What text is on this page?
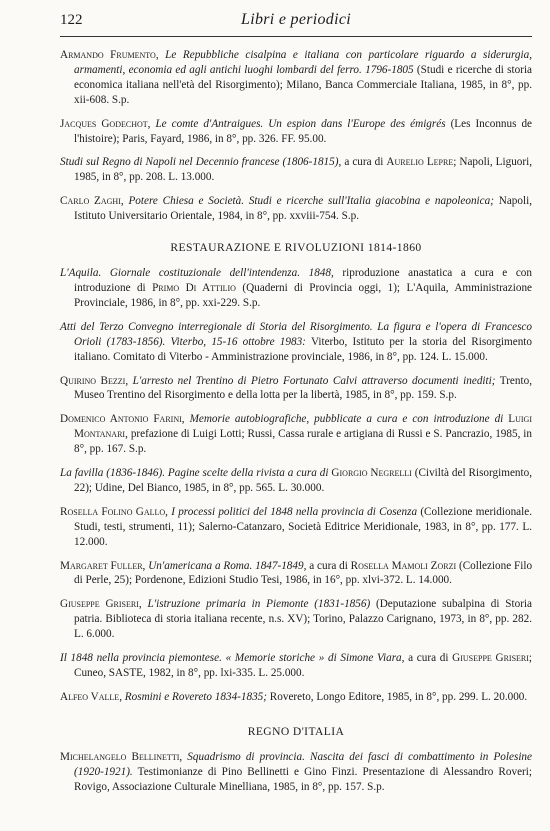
122	Libri e periodici

Armando Frumento, Le Repubbliche cisalpina e italiana con particolare riguardo a siderurgia, armamenti, economia ed agli antichi luoghi lombardi del ferro. 1796-1805 (Studi e ricerche di storia economica italiana nell'età del Risorgimento); Milano, Banca Commerciale Italiana, 1985, in 8°, pp. xii-608. S.p.

Jacques Godechot, Le comte d'Antraigues. Un espion dans l'Europe des émigrés (Les Inconnus de l'histoire); Paris, Fayard, 1986, in 8°, pp. 326. FF. 95.00.

Studi sul Regno di Napoli nel Decennio francese (1806-1815), a cura di Aurelio Lepre; Napoli, Liguori, 1985, in 8°, pp. 208. L. 13.000.

Carlo Zaghi, Potere Chiesa e Società. Studi e ricerche sull'Italia giacobina e napoleonica; Napoli, Istituto Universitario Orientale, 1984, in 8°, pp. xxviii-754. S.p.

RESTAURAZIONE E RIVOLUZIONI 1814-1860

L'Aquila. Giornale costituzionale dell'intendenza. 1848, riproduzione anastatica a cura e con introduzione di Primo Di Attilio (Quaderni di Provincia oggi, 1); L'Aquila, Amministrazione Provinciale, 1986, in 8°, pp. xxi-229. S.p.

Atti del Terzo Convegno interregionale di Storia del Risorgimento. La figura e l'opera di Francesco Orioli (1783-1856). Viterbo, 15-16 ottobre 1983: Viterbo, Istituto per la storia del Risorgimento italiano. Comitato di Viterbo - Amministrazione provinciale, 1986, in 8°, pp. 124. L. 15.000.

Quirino Bezzi, L'arresto nel Trentino di Pietro Fortunato Calvi attraverso documenti inediti; Trento, Museo Trentino del Risorgimento e della lotta per la libertà, 1985, in 8°, pp. 159. S.p.

Domenico Antonio Farini, Memorie autobiografiche, pubblicate a cura e con introduzione di Luigi Montanari, prefazione di Luigi Lotti; Russi, Cassa rurale e artigiana di Russi e S. Pancrazio, 1985, in 8°, pp. 167. S.p.

La favilla (1836-1846). Pagine scelte della rivista a cura di Giorgio Negrelli (Civiltà del Risorgimento, 22); Udine, Del Bianco, 1985, in 8°, pp. 565. L. 30.000.

Rosella Folino Gallo, I processi politici del 1848 nella provincia di Cosenza (Collezione meridionale. Studi, testi, strumenti, 11); Salerno-Catanzaro, Società Editrice Meridionale, 1983, in 8°, pp. 177. L. 12.000.

Margaret Fuller, Un'americana a Roma. 1847-1849, a cura di Rosella Mamoli Zorzi (Collezione Filo di Perle, 25); Pordenone, Edizioni Studio Tesi, 1986, in 16°, pp. xlvi-372. L. 14.000.

Giuseppe Griseri, L'istruzione primaria in Piemonte (1831-1856) (Deputazione subalpina di Storia patria. Biblioteca di storia italiana recente, n.s. XV); Torino, Palazzo Carignano, 1973, in 8°, pp. 282. L. 6.000.

Il 1848 nella provincia piemontese. « Memorie storiche » di Simone Viara, a cura di Giuseppe Griseri; Cuneo, SASTE, 1982, in 8°, pp. lxi-335. L. 25.000.

Alfeo Valle, Rosmini e Rovereto 1834-1835; Rovereto, Longo Editore, 1985, in 8°, pp. 299. L. 20.000.

REGNO D'ITALIA

Michelangelo Bellinetti, Squadrismo di provincia. Nascita dei fasci di combattimento in Polesine (1920-1921). Testimonianze di Pino Bellinetti e Gino Finzi. Presentazione di Alessandro Roveri; Rovigo, Associazione Culturale Minelliana, 1985, in 8°, pp. 157. S.p.
